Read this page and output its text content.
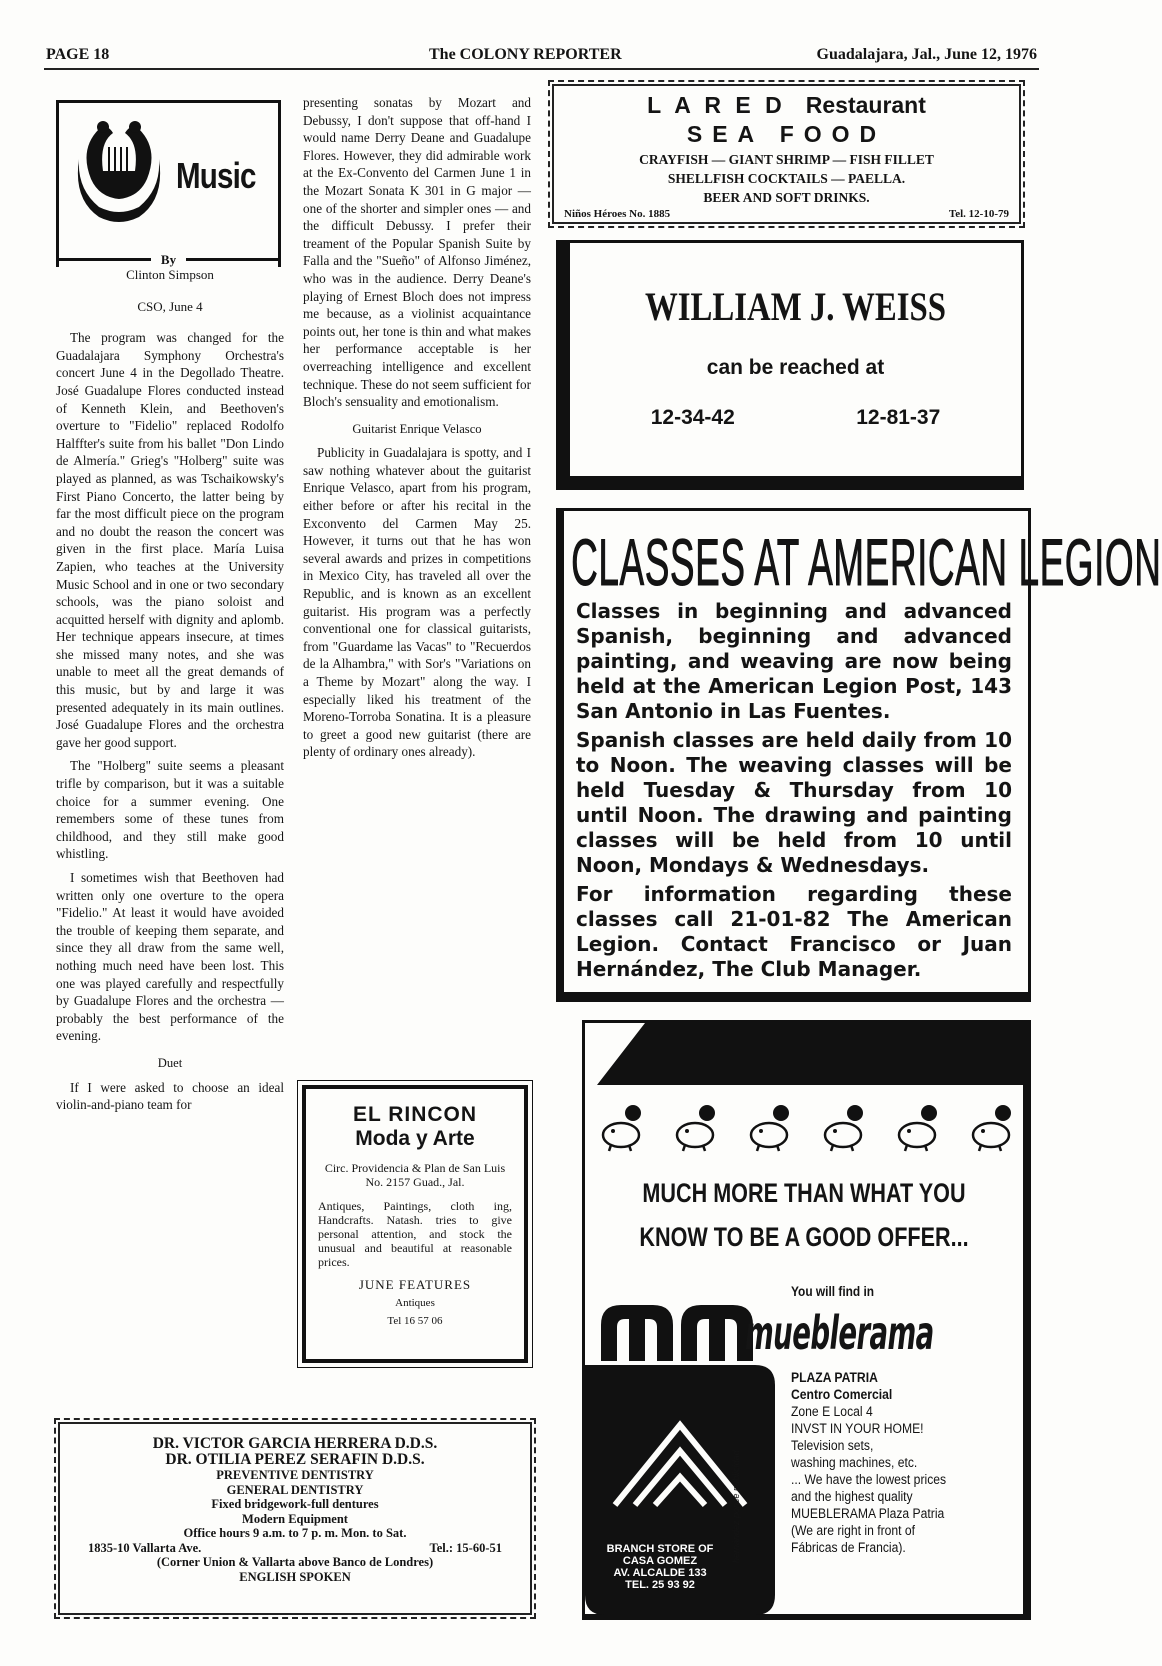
PAGE 18	The COLONY REPORTER	Guadalajara, Jal., June 12, 1976
Music
By

Clinton Simpson

CSO, June 4

The program was changed for the Guadalajara Symphony Orchestra's concert June 4 in the Degollado Theatre. José Guadalupe Flores conducted instead of Kenneth Klein, and Beethoven's overture to "Fidelio" replaced Rodolfo Halffter's suite from his ballet "Don Lindo de Almería." Grieg's "Holberg" suite was played as planned, as was Tschaikowsky's First Piano Concerto, the latter being by far the most difficult piece on the program and no doubt the reason the concert was given in the first place. María Luisa Zapien, who teaches at the University Music School and in one or two secondary schools, was the piano soloist and acquitted herself with dignity and aplomb. Her technique appears insecure, at times she missed many notes, and she was unable to meet all the great demands of this music, but by and large it was presented adequately in its main outlines. José Guadalupe Flores and the orchestra gave her good support.

The "Holberg" suite seems a pleasant trifle by comparison, but it was a suitable choice for a summer evening. One remembers some of these tunes from childhood, and they still make good whistling.

I sometimes wish that Beethoven had written only one overture to the opera "Fidelio." At least it would have avoided the trouble of keeping them separate, and since they all draw from the same well, nothing much need have been lost. This one was played carefully and respectfully by Guadalupe Flores and the orchestra — probably the best performance of the evening.

Duet

If I were asked to choose an ideal violin-and-piano team for

presenting sonatas by Mozart and Debussy, I don't suppose that off-hand I would name Derry Deane and Guadalupe Flores. However, they did admirable work at the Ex-Convento del Carmen June 1 in the Mozart Sonata K 301 in G major — one of the shorter and simpler ones — and the difficult Debussy. I prefer their treament of the Popular Spanish Suite by Falla and the "Sueño" of Alfonso Jiménez, who was in the audience. Derry Deane's playing of Ernest Bloch does not impress me because, as a violinist acquaintance points out, her tone is thin and what makes her performance acceptable is her overreaching intelligence and excellent technique. These do not seem sufficient for Bloch's sensuality and emotionalism.

Guitarist Enrique Velasco

Publicity in Guadalajara is spotty, and I saw nothing whatever about the guitarist Enrique Velasco, apart from his program, either before or after his recital in the Exconvento del Carmen May 25. However, it turns out that he has won several awards and prizes in competitions in Mexico City, has traveled all over the Republic, and is known as an excellent guitarist. His program was a perfectly conventional one for classical guitarists, from "Guardame las Vacas" to "Recuerdos de la Alhambra," with Sor's "Variations on a Theme by Mozart" along the way. I especially liked his treatment of the Moreno-Torroba Sonatina. It is a pleasure to greet a good new guitarist (there are plenty of ordinary ones already).

EL RINCON
Moda y Arte
Circ. Providencia & Plan de San Luis No. 2157 Guad., Jal.
Antiques, Paintings, cloth ing, Handcrafts. Natash. tries to give personal attention, and stock the unusual and beautiful at reasonable prices.
JUNE FEATURES
Antiques
Tel 16 57 06
DR. VICTOR GARCIA HERRERA D.D.S.
DR. OTILIA PEREZ SERAFIN D.D.S.
PREVENTIVE DENTISTRY
GENERAL DENTISTRY
Fixed bridgework-full dentures
Modern Equipment
Office hours 9 a.m. to 7 p. m. Mon. to Sat.
1835-10 Vallarta Ave.	Tel.: 15-60-51
(Corner Union & Vallarta above Banco de Londres)
ENGLISH SPOKEN
L A R E D Restaurant
SEA FOOD
CRAYFISH — GIANT SHRIMP — FISH FILLET
SHELLFISH COCKTAILS — PAELLA.
BEER AND SOFT DRINKS.
Niños Héroes No. 1885	Tel. 12-10-79
WILLIAM J. WEISS
can be reached at
12-34-42	12-81-37
CLASSES AT AMERICAN LEGION

Classes in beginning and advanced Spanish, beginning and advanced painting, and weaving are now being held at the American Legion Post, 143 San Antonio in Las Fuentes.

Spanish classes are held daily from 10 to Noon. The weaving classes will be held Tuesday & Thursday from 10 until Noon. The drawing and painting classes will be held from 10 until Noon, Mondays & Wednesdays.

For information regarding these classes call 21-01-82 The American Legion. Contact Francisco or Juan Hernández, The Club Manager.

MUCH MORE THAN WHAT YOU
KNOW TO BE A GOOD OFFER...
You will find in
mueblerama
BRANCH STORE OF
CASA GOMEZ
AV. ALCALDE 133
TEL. 25 93 92
PLAZA PATRIA
Centro Comercial
Zone E Local 4
INVST IN YOUR HOME!
Television sets,
washing machines, etc.
... We have the lowest prices
and the highest quality
MUEBLERAMA Plaza Patria
(We are right in front of
Fábricas de Francia).
hernández ponce publicidad
